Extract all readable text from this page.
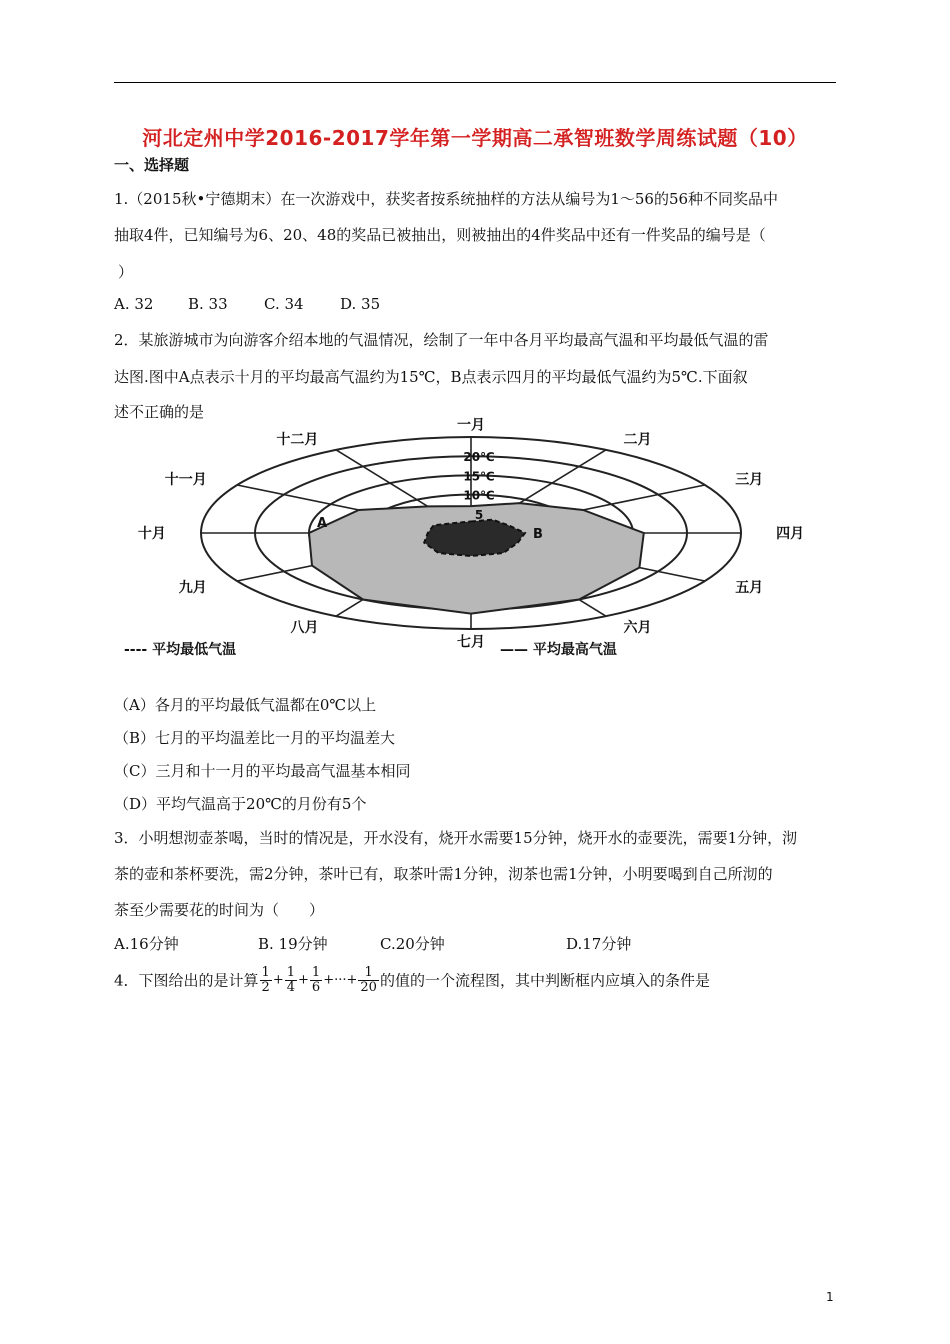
河北定州中学2016-2017学年第一学期高二承智班数学周练试题（10）
一、选择题
1.（2015秋•宁德期末）在一次游戏中，获奖者按系统抽样的方法从编号为1～56的56种不同奖品中
抽取4件，已知编号为6、20、48的奖品已被抽出，则被抽出的4件奖品中还有一件奖品的编号是（
）
A. 32 B. 33 C. 34 D. 35
2．某旅游城市为向游客介绍本地的气温情况，绘制了一年中各月平均最高气温和平均最低气温的雷
达图.图中A点表示十月的平均最高气温约为15℃，B点表示四月的平均最低气温约为5℃.下面叙
述不正确的是
20℃
15℃
10℃
5
一月
二月
三月
四月
五月
六月
七月
八月
九月
十月
十一月
十二月
A
B
---- 平均最低气温	—— 平均最高气温
（A）各月的平均最低气温都在0℃以上
（B）七月的平均温差比一月的平均温差大
（C）三月和十一月的平均最高气温基本相同
（D）平均气温高于20℃的月份有5个
3．小明想沏壶茶喝，当时的情况是，开水没有，烧开水需要15分钟，烧开水的壶要洗，需要1分钟，沏
茶的壶和茶杯要洗，需2分钟，茶叶已有，取茶叶需1分钟，沏茶也需1分钟，小明要喝到自己所沏的
茶至少需要花的时间为（　　）
A.16分钟	B. 19分钟	C.20分钟	D.17分钟
4．下图给出的是计算 $\frac{1}{2} + \frac{1}{4} + \frac{1}{6}$ +···+ $\frac{1}{20}$ 的值的一个流程图，其中判断框内应填入的条件是
1
